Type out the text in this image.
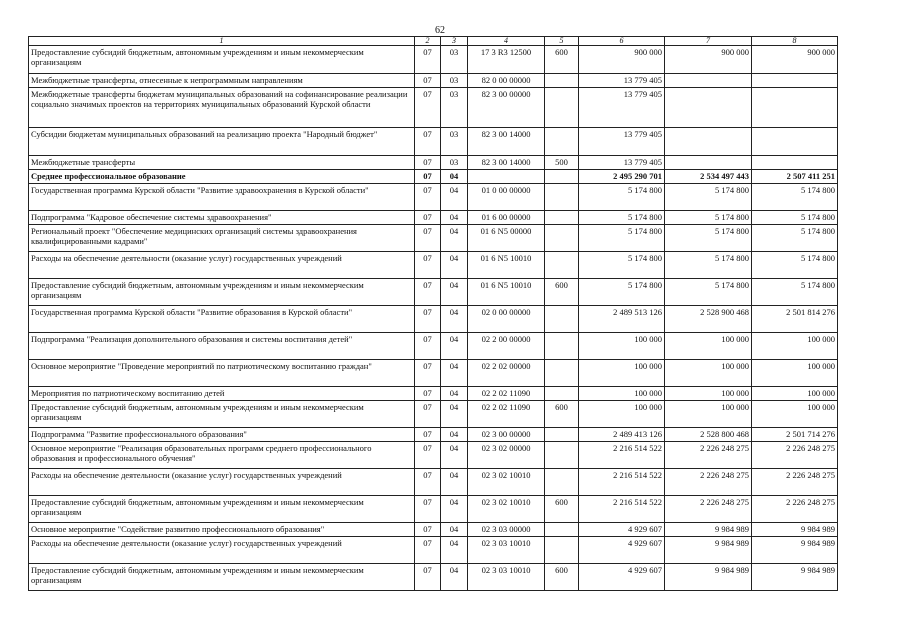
62
1	2	3	4	5	6	7	8
Предоставление субсидий бюджетным, автономным учреждениям и иным некоммерческим организациям	07	03	17 3 R3 12500	600	900 000	900 000	900 000
Межбюджетные трансферты, отнесенные к непрограммным направлениям	07	03	82 0 00 00000		13 779 405		
Межбюджетные трансферты бюджетам муниципальных образований на софинансирование реализации социально значимых проектов на территориях муниципальных образований Курской области	07	03	82 3 00 00000		13 779 405		
Субсидии бюджетам муниципальных образований на реализацию проекта "Народный бюджет"	07	03	82 3 00 14000		13 779 405		
Межбюджетные трансферты	07	03	82 3 00 14000	500	13 779 405		
Среднее профессиональное образование	07	04			2 495 290 701	2 534 497 443	2 507 411 251
Государственная программа Курской области "Развитие здравоохранения в Курской области"	07	04	01 0 00 00000		5 174 800	5 174 800	5 174 800
Подпрограмма "Кадровое обеспечение системы здравоохранения"	07	04	01 6 00 00000		5 174 800	5 174 800	5 174 800
Региональный проект "Обеспечение медицинских организаций системы здравоохранения квалифицированными кадрами"	07	04	01 6 N5 00000		5 174 800	5 174 800	5 174 800
Расходы на обеспечение деятельности (оказание услуг) государственных учреждений	07	04	01 6 N5 10010		5 174 800	5 174 800	5 174 800
Предоставление субсидий бюджетным, автономным учреждениям и иным некоммерческим организациям	07	04	01 6 N5 10010	600	5 174 800	5 174 800	5 174 800
Государственная программа Курской области "Развитие образования в Курской области"	07	04	02 0 00 00000		2 489 513 126	2 528 900 468	2 501 814 276
Подпрограмма "Реализация дополнительного образования и системы воспитания детей"	07	04	02 2 00 00000		100 000	100 000	100 000
Основное мероприятие "Проведение мероприятий по патриотическому воспитанию граждан"	07	04	02 2 02 00000		100 000	100 000	100 000
Мероприятия по патриотическому воспитанию детей	07	04	02 2 02 11090		100 000	100 000	100 000
Предоставление субсидий бюджетным, автономным учреждениям и иным некоммерческим организациям	07	04	02 2 02 11090	600	100 000	100 000	100 000
Подпрограмма "Развитие профессионального образования"	07	04	02 3 00 00000		2 489 413 126	2 528 800 468	2 501 714 276
Основное мероприятие "Реализация образовательных программ среднего профессионального образования и профессионального обучения"	07	04	02 3 02 00000		2 216 514 522	2 226 248 275	2 226 248 275
Расходы на обеспечение деятельности (оказание услуг) государственных учреждений	07	04	02 3 02 10010		2 216 514 522	2 226 248 275	2 226 248 275
Предоставление субсидий бюджетным, автономным учреждениям и иным некоммерческим организациям	07	04	02 3 02 10010	600	2 216 514 522	2 226 248 275	2 226 248 275
Основное мероприятие "Содействие развитию профессионального образования"	07	04	02 3 03 00000		4 929 607	9 984 989	9 984 989
Расходы на обеспечение деятельности (оказание услуг) государственных учреждений	07	04	02 3 03 10010		4 929 607	9 984 989	9 984 989
Предоставление субсидий бюджетным, автономным учреждениям и иным некоммерческим организациям	07	04	02 3 03 10010	600	4 929 607	9 984 989	9 984 989
